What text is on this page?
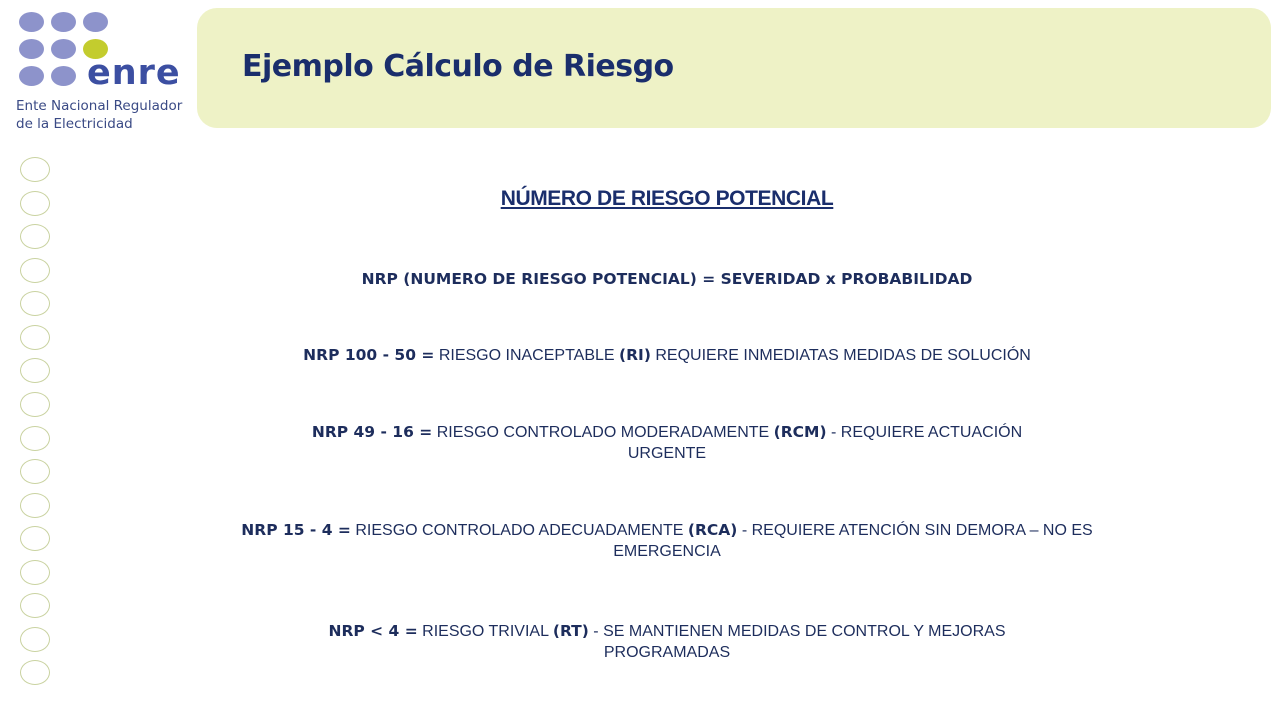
enre
Ente Nacional Regulador
de la Electricidad
Ejemplo Cálculo de Riesgo
NÚMERO DE RIESGO POTENCIAL
NRP (NUMERO DE RIESGO POTENCIAL) = SEVERIDAD x PROBABILIDAD
NRP 100 - 50 = RIESGO INACEPTABLE (RI) REQUIERE INMEDIATAS MEDIDAS DE SOLUCIÓN
NRP 49 - 16 = RIESGO CONTROLADO MODERADAMENTE (RCM) - REQUIERE ACTUACIÓN URGENTE
NRP 15 - 4 = RIESGO CONTROLADO ADECUADAMENTE (RCA) - REQUIERE ATENCIÓN SIN DEMORA – NO ES EMERGENCIA
NRP < 4 = RIESGO TRIVIAL (RT) - SE MANTIENEN MEDIDAS DE CONTROL Y MEJORAS PROGRAMADAS
